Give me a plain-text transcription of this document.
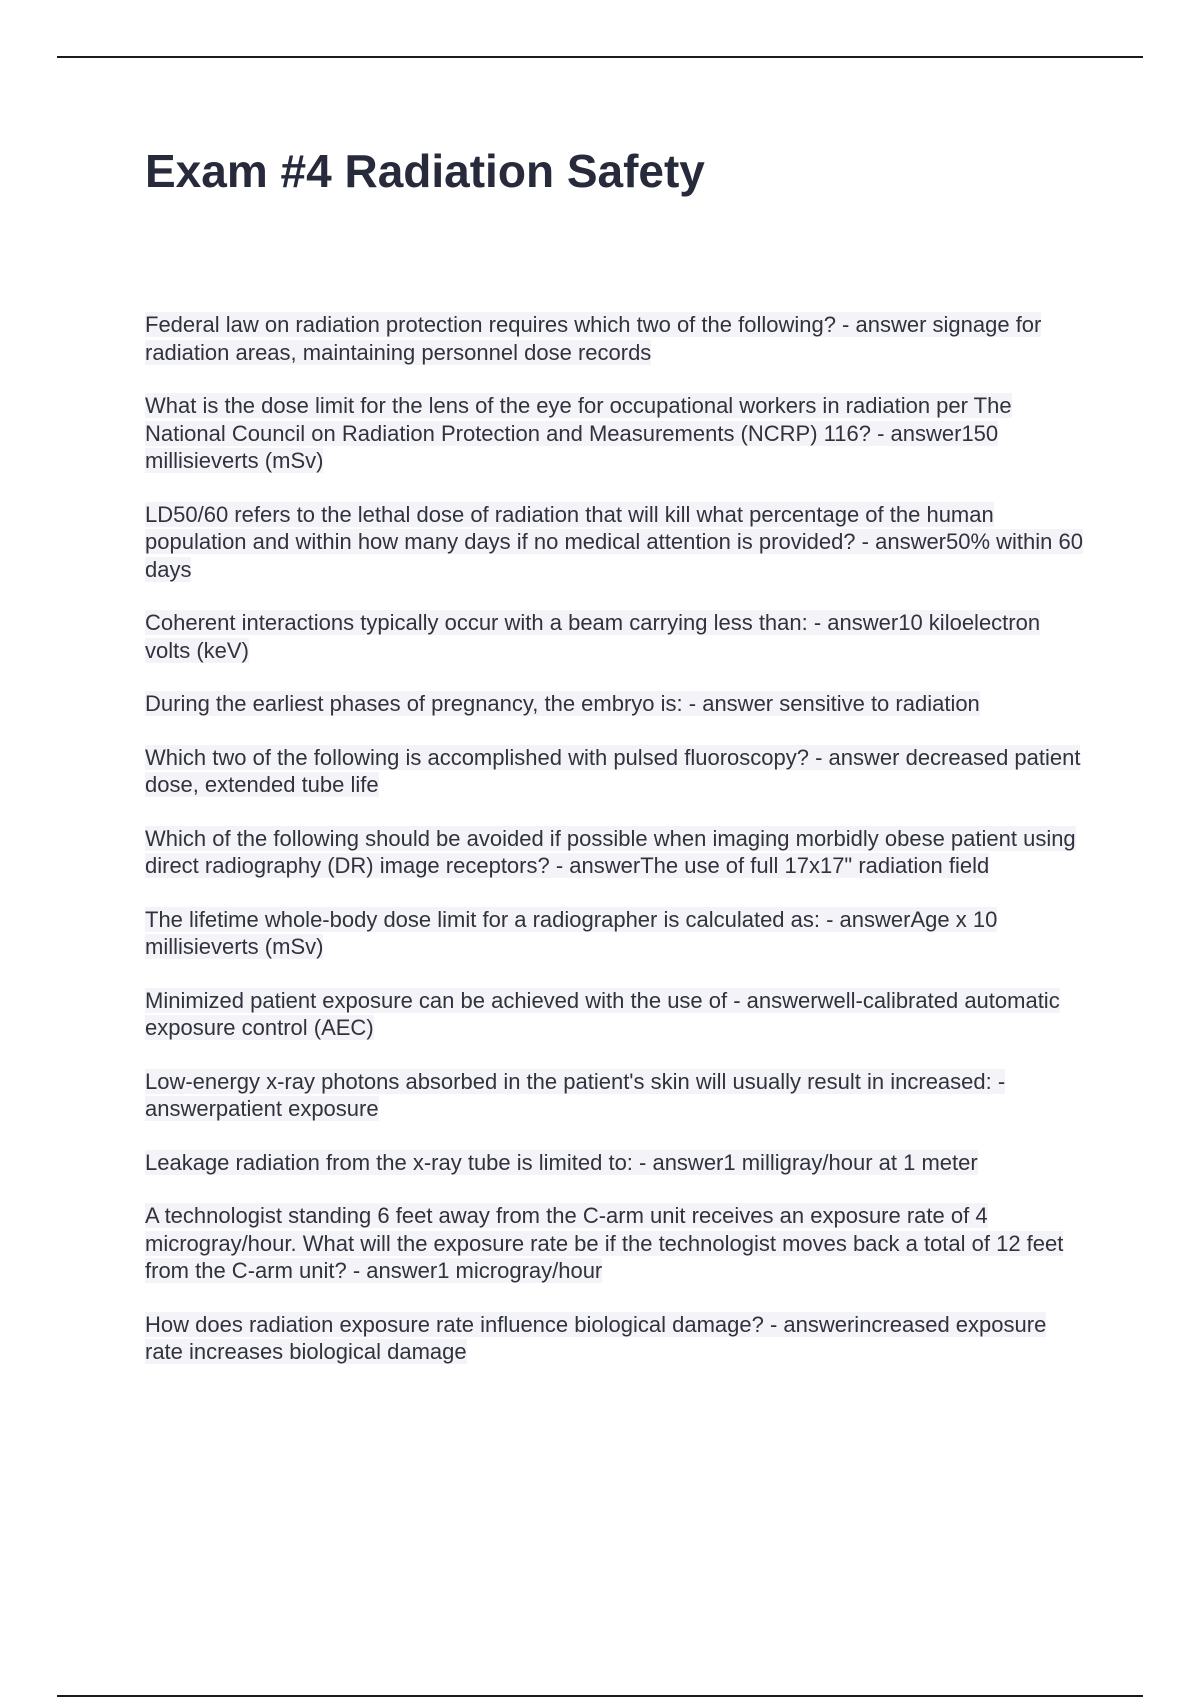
Exam #4 Radiation Safety

Federal law on radiation protection requires which two of the following? - answer signage for radiation areas, maintaining personnel dose records

What is the dose limit for the lens of the eye for occupational workers in radiation per The National Council on Radiation Protection and Measurements (NCRP) 116? - answer150 millisieverts (mSv)

LD50/60 refers to the lethal dose of radiation that will kill what percentage of the human population and within how many days if no medical attention is provided? - answer50% within 60 days

Coherent interactions typically occur with a beam carrying less than: - answer10 kiloelectron volts (keV)

During the earliest phases of pregnancy, the embryo is: - answer sensitive to radiation

Which two of the following is accomplished with pulsed fluoroscopy? - answer decreased patient dose, extended tube life

Which of the following should be avoided if possible when imaging morbidly obese patient using direct radiography (DR) image receptors? - answerThe use of full 17x17" radiation field

The lifetime whole-body dose limit for a radiographer is calculated as: - answerAge x 10 millisieverts (mSv)

Minimized patient exposure can be achieved with the use of - answerwell-calibrated automatic exposure control (AEC)

Low-energy x-ray photons absorbed in the patient's skin will usually result in increased: - answerpatient exposure

Leakage radiation from the x-ray tube is limited to: - answer1 milligray/hour at 1 meter

A technologist standing 6 feet away from the C-arm unit receives an exposure rate of 4 microgray/hour. What will the exposure rate be if the technologist moves back a total of 12 feet from the C-arm unit? - answer1 microgray/hour

How does radiation exposure rate influence biological damage? - answerincreased exposure rate increases biological damage
